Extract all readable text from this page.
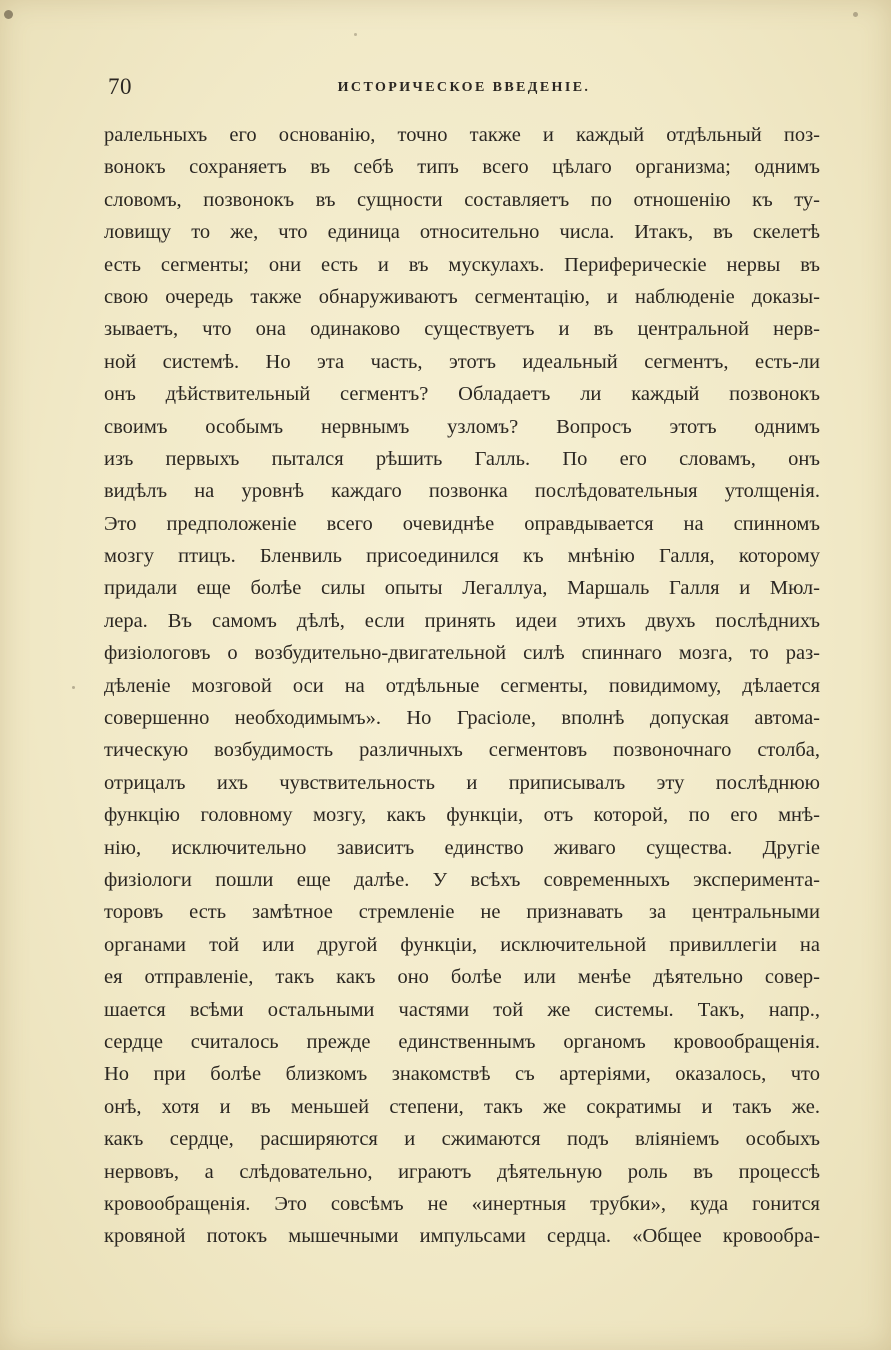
70	ИСТОРИЧЕСКОЕ ВВЕДЕНІЕ.
ралельныхъ его основанію, точно также и каждый отдѣльный поз-
вонокъ сохраняетъ въ себѣ типъ всего цѣлаго организма; однимъ
словомъ, позвонокъ въ сущности составляетъ по отношенію къ ту-
ловищу то же, что единица относительно числа. Итакъ, въ скелетѣ
есть сегменты; они есть и въ мускулахъ. Периферическіе нервы въ
свою очередь также обнаруживаютъ сегментацію, и наблюденіе доказы-
зываетъ, что она одинаково существуетъ и въ центральной нерв-
ной системѣ. Но эта часть, этотъ идеальный сегментъ, есть-ли
онъ дѣйствительный сегментъ? Обладаетъ ли каждый позвонокъ
своимъ особымъ нервнымъ узломъ? Вопросъ этотъ однимъ
изъ первыхъ пытался рѣшить Галль. По его словамъ, онъ
видѣлъ на уровнѣ каждаго позвонка послѣдовательныя утолщенія.
Это предположеніе всего очевиднѣе оправдывается на спинномъ
мозгу птицъ. Бленвиль присоединился къ мнѣнію Галля, которому
придали еще болѣе силы опыты Легаллуа, Маршаль Галля и Мюл-
лера. Въ самомъ дѣлѣ, если принять идеи этихъ двухъ послѣднихъ
физіологовъ о возбудительно-двигательной силѣ спиннаго мозга, то раз-
дѣленіе мозговой оси на отдѣльные сегменты, повидимому, дѣлается
совершенно необходимымъ». Но Грасіоле, вполнѣ допуская автома-
тическую возбудимость различныхъ сегментовъ позвоночнаго столба,
отрицалъ ихъ чувствительность и приписывалъ эту послѣднюю
функцію головному мозгу, какъ функціи, отъ которой, по его мнѣ-
нію, исключительно зависитъ единство живаго существа. Другіе
физіологи пошли еще далѣе. У всѣхъ современныхъ эксперимента-
торовъ есть замѣтное стремленіе не признавать за центральными
органами той или другой функціи, исключительной привиллегіи на
ея отправленіе, такъ какъ оно болѣе или менѣе дѣятельно совер-
шается всѣми остальными частями той же системы. Такъ, напр.,
сердце считалось прежде единственнымъ органомъ кровообращенія.
Но при болѣе близкомъ знакомствѣ съ артеріями, оказалось, что
онѣ, хотя и въ меньшей степени, такъ же сократимы и такъ же.
какъ сердце, расширяются и сжимаются подъ вліяніемъ особыхъ
нервовъ, а слѣдовательно, играютъ дѣятельную роль въ процессѣ
кровообращенія. Это совсѣмъ не «инертныя трубки», куда гонится
кровяной потокъ мышечными импульсами сердца. «Общее кровообра-
